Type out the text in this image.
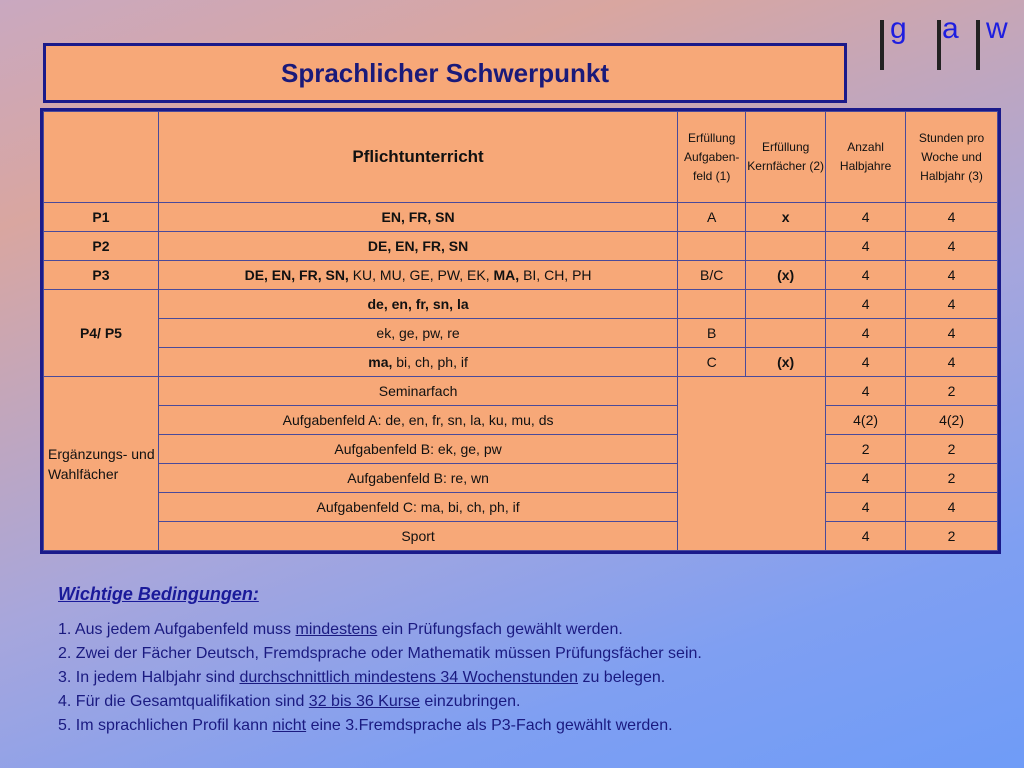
g a w
Sprachlicher Schwerpunkt
	Pflichtunterricht	Erfüllung Aufgaben-feld (1)	Erfüllung Kernfächer (2)	Anzahl Halbjahre	Stunden pro Woche und Halbjahr (3)
P1	EN, FR, SN	A	x	4	4
P2	DE, EN, FR, SN			4	4
P3	DE, EN, FR, SN, KU, MU, GE, PW, EK, MA, BI, CH, PH	B/C	(x)	4	4
P4/ P5	de, en, fr, sn, la			4	4
	ek, ge, pw, re	B		4	4
	ma, bi, ch, ph, if	C	(x)	4	4
Ergänzungs- und Wahlfächer	Seminarfach			4	2
	Aufgabenfeld A: de, en, fr, sn, la, ku, mu, ds			4(2)	4(2)
	Aufgabenfeld B: ek, ge, pw			2	2
	Aufgabenfeld B: re, wn			4	2
	Aufgabenfeld C: ma, bi, ch, ph, if			4	4
	Sport			4	2
Wichtige Bedingungen:
1. Aus jedem Aufgabenfeld muss mindestens ein Prüfungsfach gewählt werden.
2. Zwei der Fächer Deutsch, Fremdsprache oder Mathematik müssen Prüfungsfächer sein.
3. In jedem Halbjahr sind durchschnittlich mindestens 34 Wochenstunden zu belegen.
4. Für die Gesamtqualifikation sind 32 bis 36 Kurse einzubringen.
5. Im sprachlichen Profil kann nicht eine 3.Fremdsprache als P3-Fach gewählt werden.
